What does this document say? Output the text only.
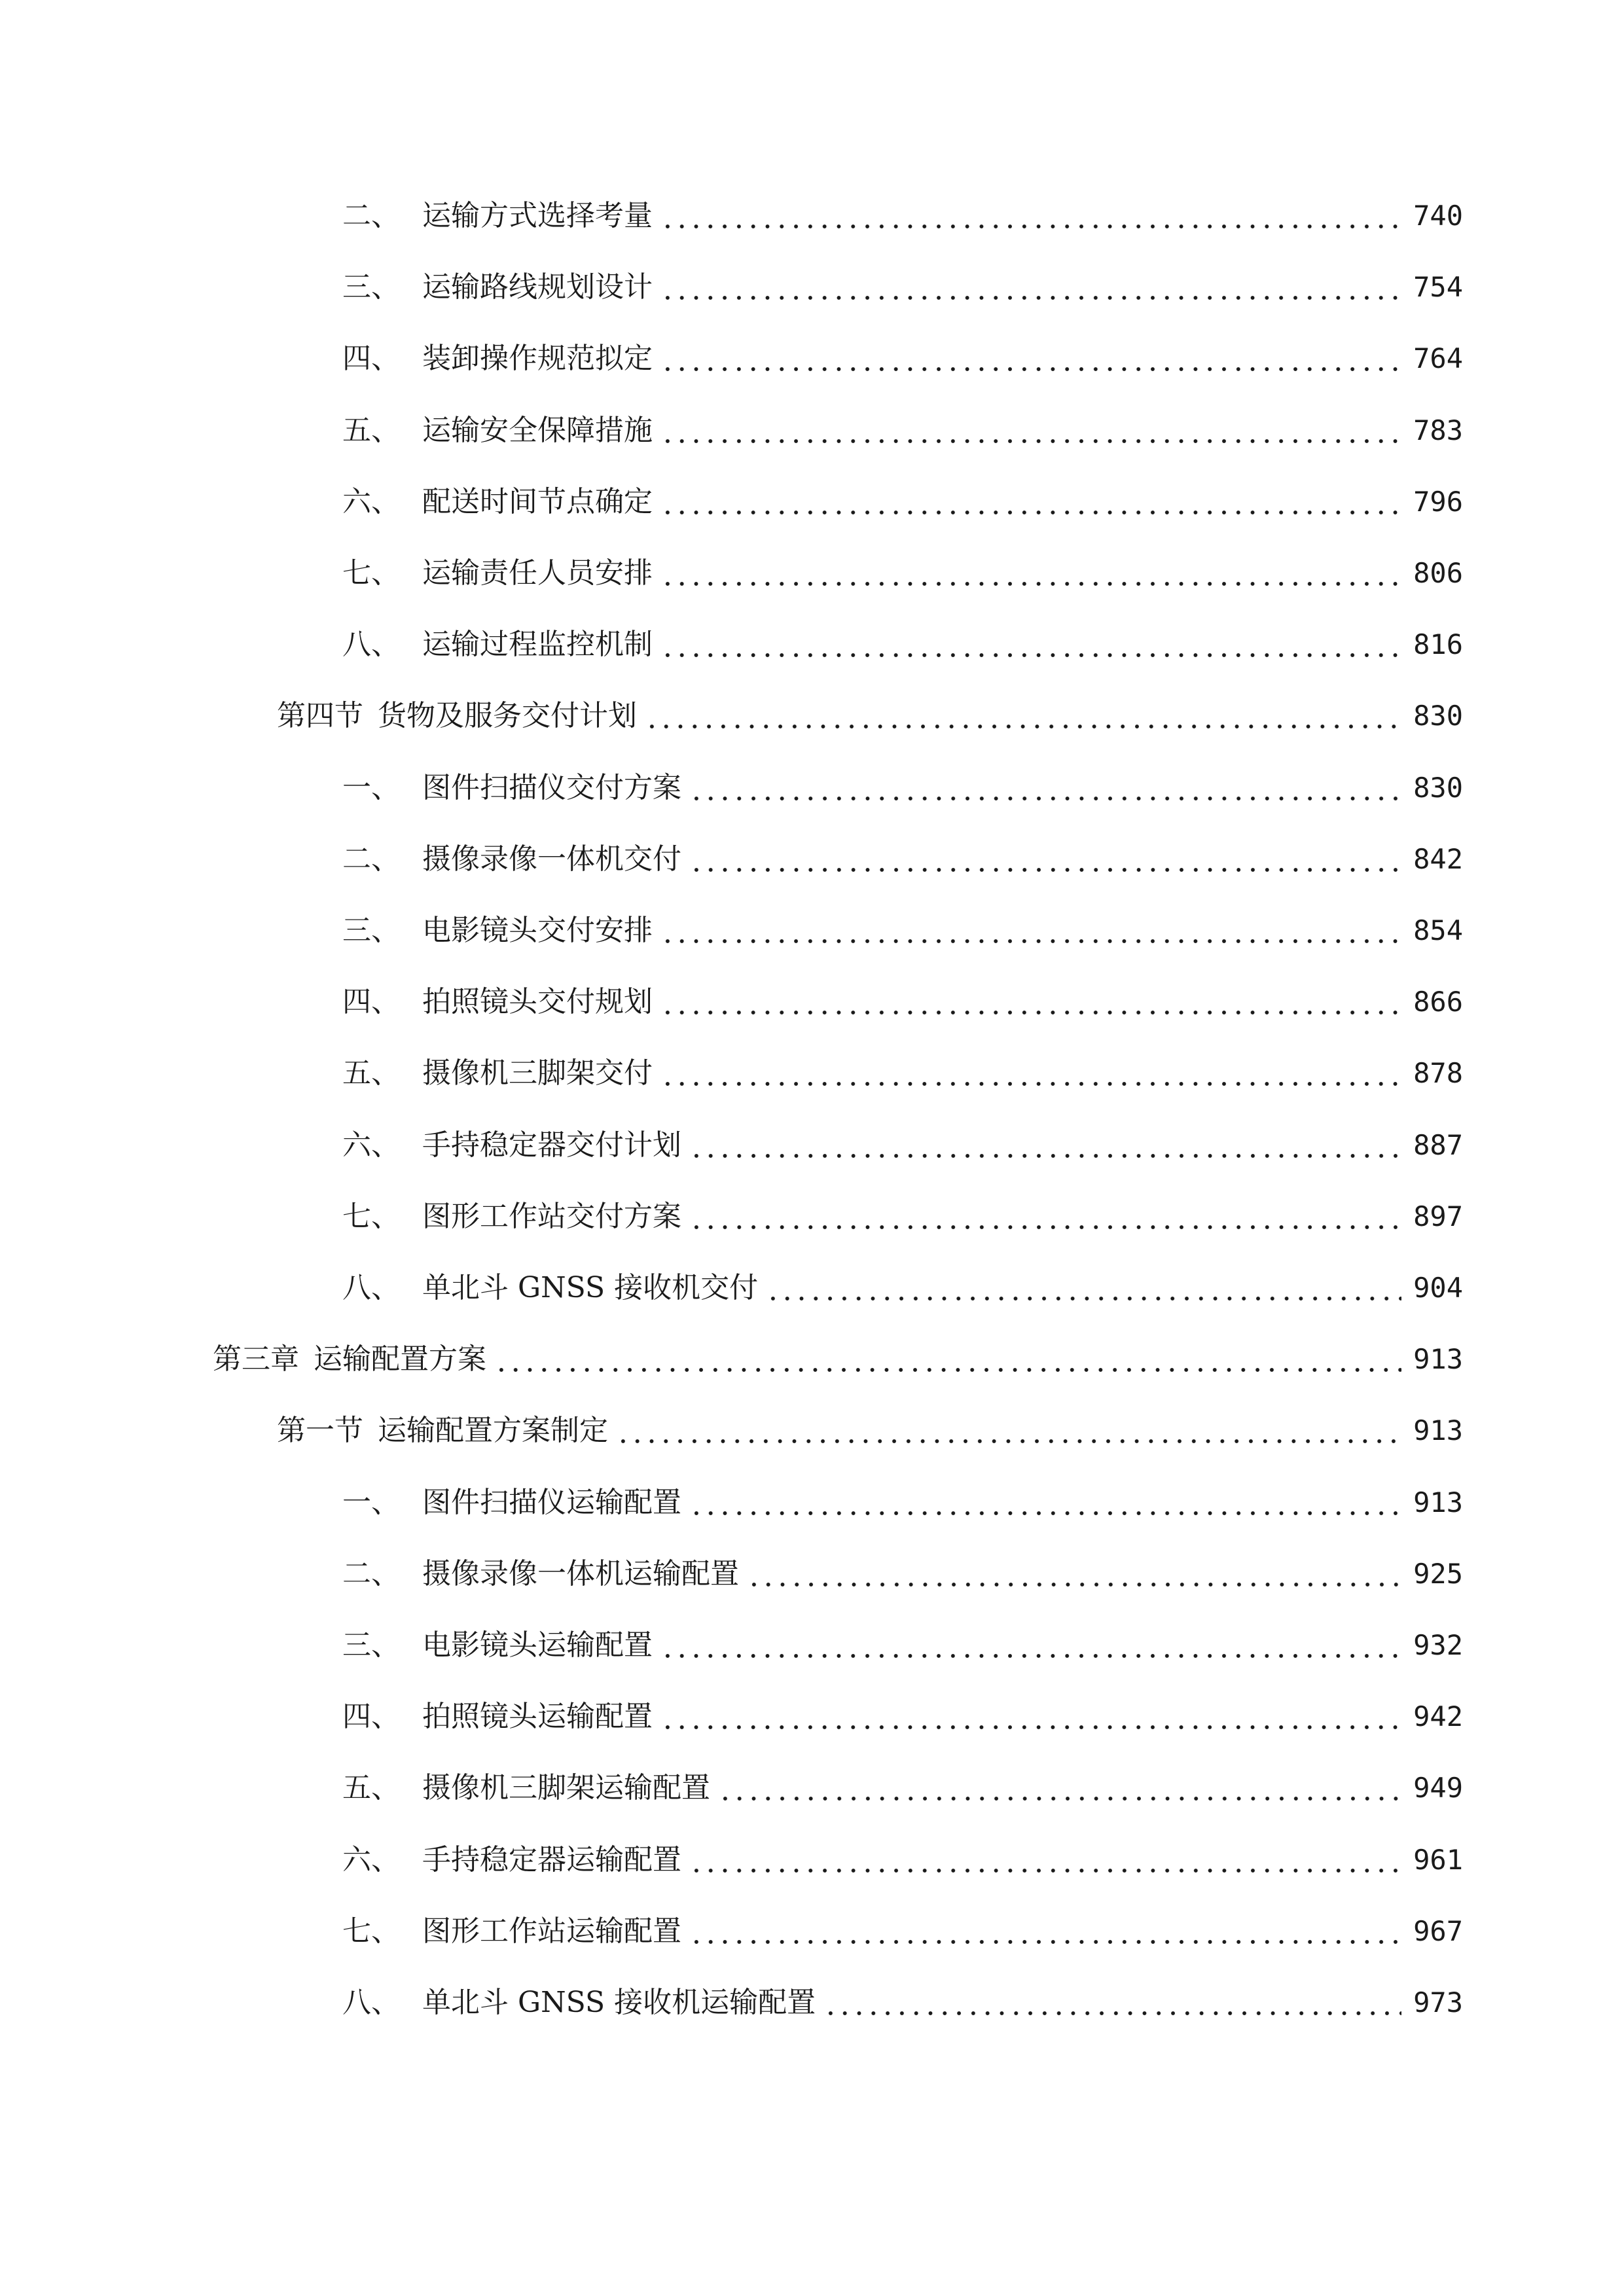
二、 运输方式选择考量	740
三、 运输路线规划设计	754
四、 装卸操作规范拟定	764
五、 运输安全保障措施	783
六、 配送时间节点确定	796
七、 运输责任人员安排	806
八、 运输过程监控机制	816
第四节 货物及服务交付计划	830
一、 图件扫描仪交付方案	830
二、 摄像录像一体机交付	842
三、 电影镜头交付安排	854
四、 拍照镜头交付规划	866
五、 摄像机三脚架交付	878
六、 手持稳定器交付计划	887
七、 图形工作站交付方案	897
八、 单北斗 GNSS 接收机交付	904
第三章 运输配置方案	913
第一节 运输配置方案制定	913
一、 图件扫描仪运输配置	913
二、 摄像录像一体机运输配置	925
三、 电影镜头运输配置	932
四、 拍照镜头运输配置	942
五、 摄像机三脚架运输配置	949
六、 手持稳定器运输配置	961
七、 图形工作站运输配置	967
八、 单北斗 GNSS 接收机运输配置	973
